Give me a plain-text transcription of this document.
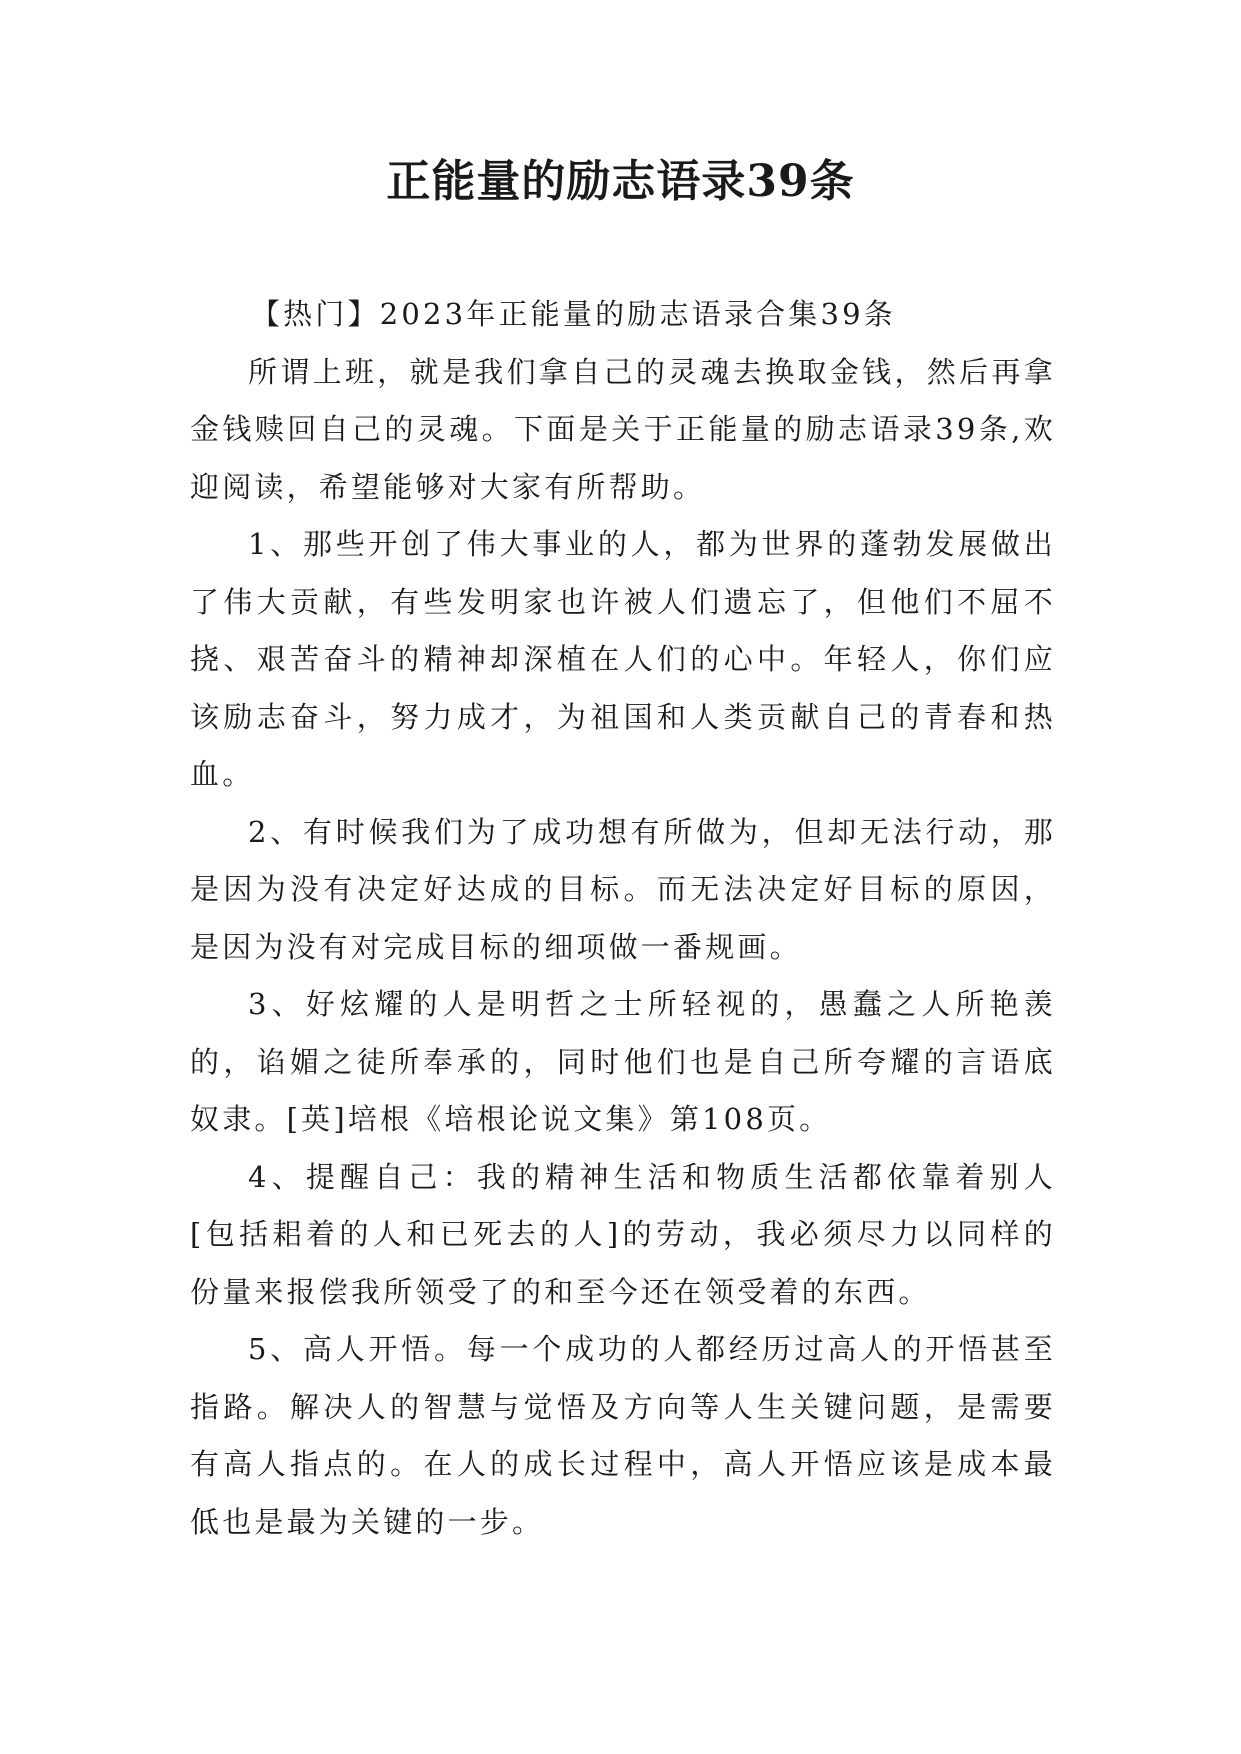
正能量的励志语录39条

【热门】2023年正能量的励志语录合集39条

所谓上班，就是我们拿自己的灵魂去换取金钱，然后再拿金钱赎回自己的灵魂。下面是关于正能量的励志语录39条,欢迎阅读，希望能够对大家有所帮助。

1、那些开创了伟大事业的人，都为世界的蓬勃发展做出了伟大贡献，有些发明家也许被人们遗忘了，但他们不屈不挠、艰苦奋斗的精神却深植在人们的心中。年轻人，你们应该励志奋斗，努力成才，为祖国和人类贡献自己的青春和热血。

2、有时候我们为了成功想有所做为，但却无法行动，那是因为没有决定好达成的目标。而无法决定好目标的原因，是因为没有对完成目标的细项做一番规画。

3、好炫耀的人是明哲之士所轻视的，愚蠢之人所艳羡的，谄媚之徒所奉承的，同时他们也是自己所夸耀的言语底奴隶。[英]培根《培根论说文集》第108页。

4、提醒自己：我的精神生活和物质生活都依靠着别人[包括耜着的人和已死去的人]的劳动，我必须尽力以同样的份量来报偿我所领受了的和至今还在领受着的东西。

5、高人开悟。每一个成功的人都经历过高人的开悟甚至指路。解决人的智慧与觉悟及方向等人生关键问题，是需要有高人指点的。在人的成长过程中，高人开悟应该是成本最低也是最为关键的一步。
